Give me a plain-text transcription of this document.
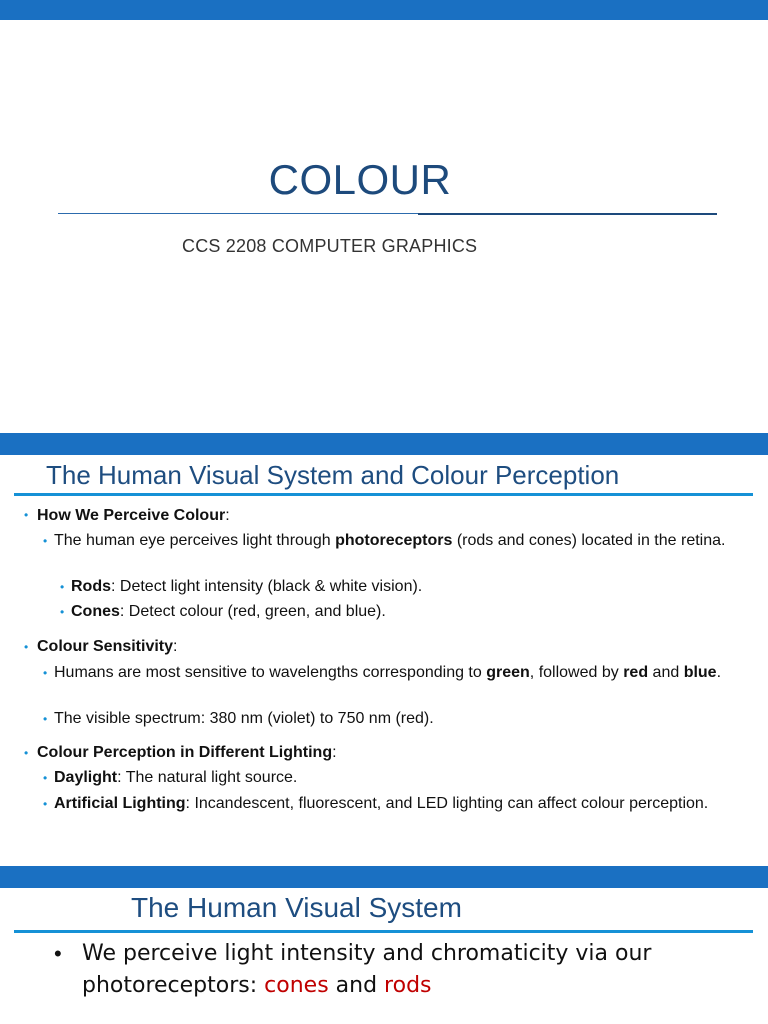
COLOUR
CCS 2208 COMPUTER GRAPHICS
The Human Visual System and Colour Perception
• How We Perceive Colour:
• The human eye perceives light through photoreceptors (rods and cones) located in the retina.
• Rods: Detect light intensity (black & white vision).
• Cones: Detect colour (red, green, and blue).
• Colour Sensitivity:
• Humans are most sensitive to wavelengths corresponding to green, followed by red and blue.
• The visible spectrum: 380 nm (violet) to 750 nm (red).
• Colour Perception in Different Lighting:
• Daylight: The natural light source.
• Artificial Lighting: Incandescent, fluorescent, and LED lighting can affect colour perception.
The Human Visual System
• We perceive light intensity and chromaticity via our photoreceptors: cones and rods
